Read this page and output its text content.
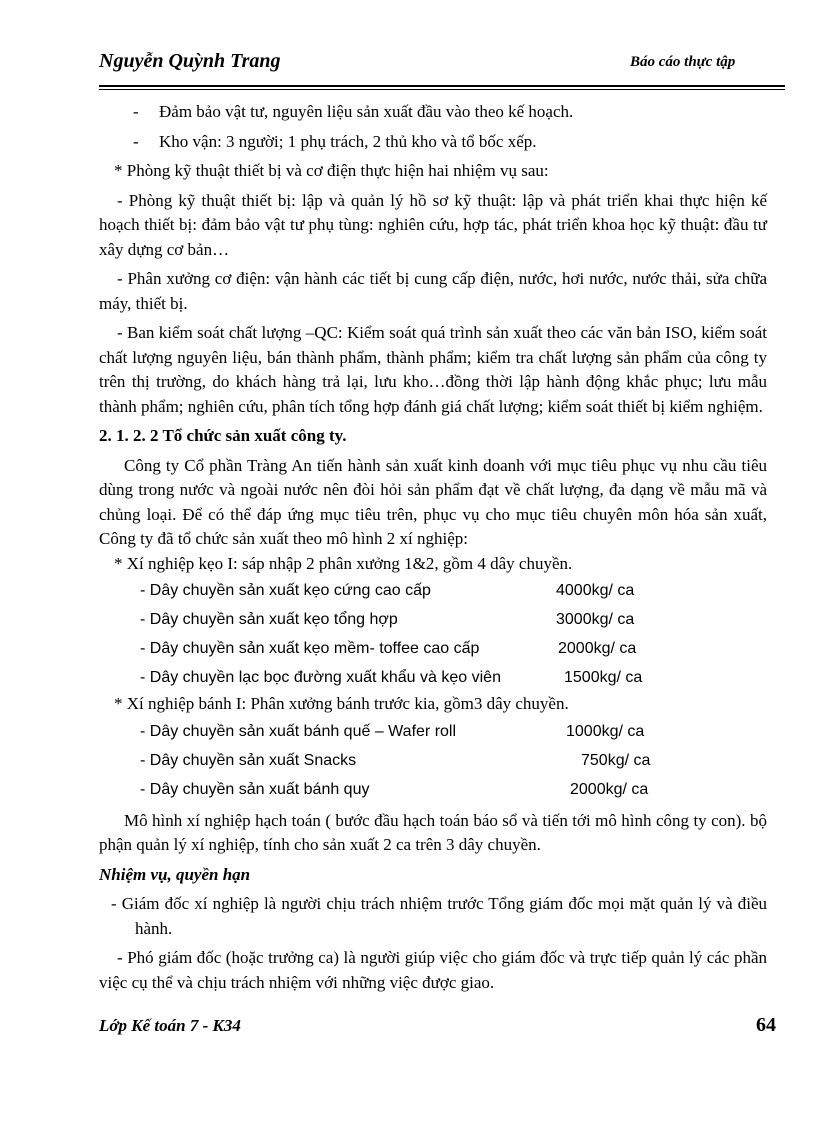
Nguyễn Quỳnh Trang	Báo cáo thực tập

- Đảm bảo vật tư, nguyên liệu sản xuất đầu vào theo kế hoạch.

- Kho vận: 3 người; 1 phụ trách, 2 thủ kho và tổ bốc xếp.

* Phòng kỹ thuật thiết bị và cơ điện thực hiện hai nhiệm vụ sau:

- Phòng kỹ thuật thiết bị: lập và quản lý hồ sơ kỹ thuật: lập và phát triển khai thực hiện kế hoạch thiết bị: đảm bảo vật tư phụ tùng: nghiên cứu, hợp tác, phát triển khoa học kỹ thuật: đầu tư xây dựng cơ bản…

- Phân xưởng cơ điện: vận hành các tiết bị cung cấp điện, nước, hơi nước, nước thải, sửa chữa máy, thiết bị.

- Ban kiểm soát chất lượng –QC: Kiểm soát quá trình sản xuất theo các văn bản ISO, kiểm soát chất lượng nguyên liệu, bán thành phẩm, thành phẩm; kiểm tra chất lượng sản phẩm của công ty trên thị trường, do khách hàng trả lại, lưu kho…đồng thời lập hành động khắc phục; lưu mẫu thành phẩm; nghiên cứu, phân tích tổng hợp đánh giá chất lượng; kiểm soát thiết bị kiểm nghiệm.

2. 1. 2. 2 Tổ chức sản xuất công ty.

Công ty Cổ phần Tràng An tiến hành sản xuất kinh doanh với mục tiêu phục vụ nhu cầu tiêu dùng trong nước và ngoài nước nên đòi hỏi sản phẩm đạt về chất lượng, đa dạng về mẫu mã và chủng loại. Để có thể đáp ứng mục tiêu trên, phục vụ cho mục tiêu chuyên môn hóa sản xuất, Công ty đã tổ chức sản xuất theo mô hình 2 xí nghiệp:

* Xí nghiệp kẹo I: sáp nhập 2 phân xưởng 1&2, gồm 4 dây chuyền.

- Dây chuyền sản xuất kẹo cứng cao cấp	4000kg/ ca
- Dây chuyền sản xuất kẹo tổng hợp	3000kg/ ca
- Dây chuyền sản xuất kẹo mềm- toffee cao cấp	2000kg/ ca
- Dây chuyền lạc bọc đường xuất khẩu và kẹo viên	1500kg/ ca

* Xí nghiệp bánh I: Phân xưởng bánh trước kia, gồm3 dây chuyền.

- Dây chuyền sản xuất bánh quế – Wafer roll	1000kg/ ca
- Dây chuyền sản xuất Snacks	750kg/ ca
- Dây chuyền sản xuất bánh quy	2000kg/ ca

Mô hình xí nghiệp hạch toán ( bước đầu hạch toán báo sổ và tiến tới mô hình công ty con). bộ phận quản lý xí nghiệp, tính cho sản xuất 2 ca trên 3 dây chuyền.

Nhiệm vụ, quyền hạn

- Giám đốc xí nghiệp là người chịu trách nhiệm trước Tổng giám đốc mọi mặt quản lý và điều hành.

- Phó giám đốc (hoặc trưởng ca) là người giúp việc cho giám đốc và trực tiếp quản lý các phần việc cụ thể và chịu trách nhiệm với những việc được giao.

Lớp Kế toán 7 - K34	64
